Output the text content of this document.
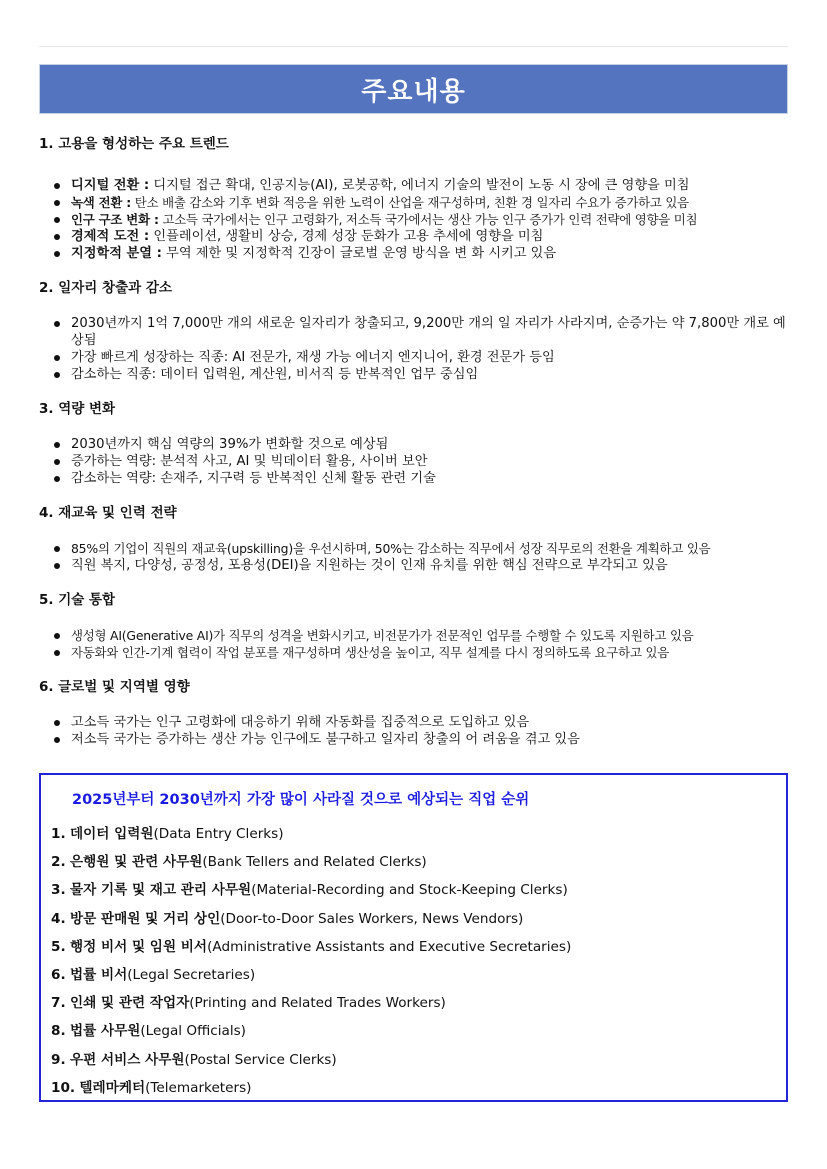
주요내용
1. 고용을 형성하는 주요 트렌드
디지털 전환 : 디지털 접근 확대, 인공지능(AI), 로봇공학, 에너지 기술의 발전이 노동 시 장에 큰 영향을 미침
녹색 전환 : 탄소 배출 감소와 기후 변화 적응을 위한 노력이 산업을 재구성하며, 친환 경 일자리 수요가 증가하고 있음
인구 구조 변화 : 고소득 국가에서는 인구 고령화가, 저소득 국가에서는 생산 가능 인구 증가가 인력 전략에 영향을 미침
경제적 도전 : 인플레이션, 생활비 상승, 경제 성장 둔화가 고용 추세에 영향을 미침
지정학적 분열 : 무역 제한 및 지정학적 긴장이 글로벌 운영 방식을 변 화 시키고 있음
2. 일자리 창출과 감소
2030년까지 1억 7,000만 개의 새로운 일자리가 창출되고, 9,200만 개의 일 자리가 사라지며, 순증가는 약 7,800만 개로 예상됨
가장 빠르게 성장하는 직종: AI 전문가, 재생 가능 에너지 엔지니어, 환경 전문가 등임
감소하는 직종: 데이터 입력원, 계산원, 비서직 등 반복적인 업무 중심임
3. 역량 변화
2030년까지 핵심 역량의 39%가 변화할 것으로 예상됨
증가하는 역량: 분석적 사고, AI 및 빅데이터 활용, 사이버 보안
감소하는 역량: 손재주, 지구력 등 반복적인 신체 활동 관련 기술
4. 재교육 및 인력 전략
85%의 기업이 직원의 재교육(upskilling)을 우선시하며, 50%는 감소하는 직무에서 성장 직무로의 전환을 계획하고 있음
직원 복지, 다양성, 공정성, 포용성(DEI)을 지원하는 것이 인재 유치를 위한 핵심 전략으로 부각되고 있음
5. 기술 통합
생성형 AI(Generative AI)가 직무의 성격을 변화시키고, 비전문가가 전문적인 업무를 수행할 수 있도록 지원하고 있음
자동화와 인간-기계 협력이 작업 분포를 재구성하며 생산성을 높이고, 직무 설계를 다시 정의하도록 요구하고 있음
6. 글로벌 및 지역별 영향
고소득 국가는 인구 고령화에 대응하기 위해 자동화를 집중적으로 도입하고 있음
저소득 국가는 증가하는 생산 가능 인구에도 불구하고 일자리 창출의 어 려움을 겪고 있음
2025년부터 2030년까지 가장 많이 사라질 것으로 예상되는 직업 순위
1. 데이터 입력원(Data Entry Clerks)
2. 은행원 및 관련 사무원(Bank Tellers and Related Clerks)
3. 물자 기록 및 재고 관리 사무원(Material-Recording and Stock-Keeping Clerks)
4. 방문 판매원 및 거리 상인(Door-to-Door Sales Workers, News Vendors)
5. 행정 비서 및 임원 비서(Administrative Assistants and Executive Secretaries)
6. 법률 비서(Legal Secretaries)
7. 인쇄 및 관련 작업자(Printing and Related Trades Workers)
8. 법률 사무원(Legal Officials)
9. 우편 서비스 사무원(Postal Service Clerks)
10. 텔레마케터(Telemarketers)
